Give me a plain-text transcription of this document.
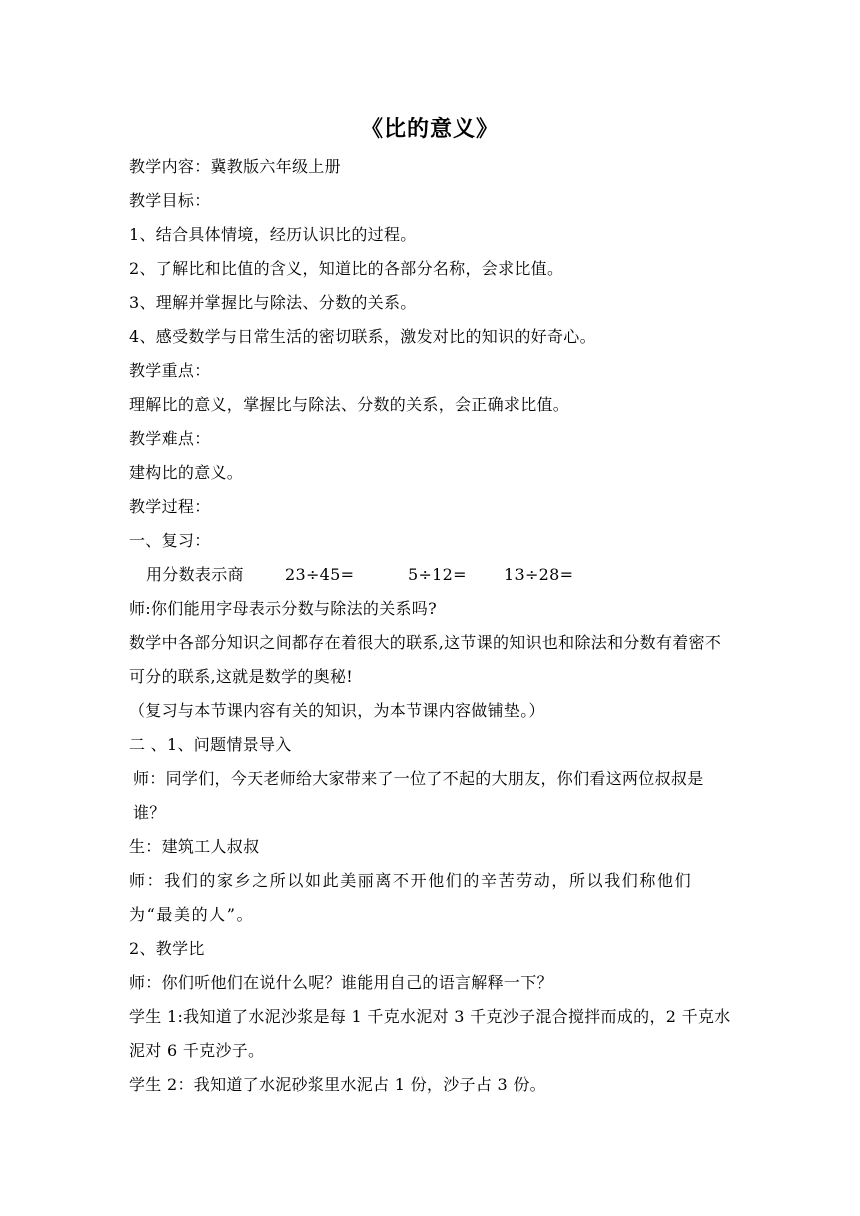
《比的意义》
教学内容：冀教版六年级上册
教学目标：
1、结合具体情境，经历认识比的过程。
2、了解比和比值的含义，知道比的各部分名称，会求比值。
3、理解并掌握比与除法、分数的关系。
4、感受数学与日常生活的密切联系，激发对比的知识的好奇心。
教学重点：
理解比的意义，掌握比与除法、分数的关系，会正确求比值。
教学难点：
建构比的意义。
教学过程：
一、复习：
用分数表示商	23÷45=	5÷12=	13÷28=
师:你们能用字母表示分数与除法的关系吗?
数学中各部分知识之间都存在着很大的联系,这节课的知识也和除法和分数有着密不可分的联系,这就是数学的奥秘!
（复习与本节课内容有关的知识，为本节课内容做铺垫。）
二 、1、问题情景导入
师：同学们，今天老师给大家带来了一位了不起的大朋友，你们看这两位叔叔是谁？
生：建筑工人叔叔
师：我们的家乡之所以如此美丽离不开他们的辛苦劳动，所以我们称他们为“最美的人”。
2、教学比
师：你们听他们在说什么呢？谁能用自己的语言解释一下？
学生 1:我知道了水泥沙浆是每 1 千克水泥对 3 千克沙子混合搅拌而成的，2 千克水泥对 6 千克沙子。
学生 2：我知道了水泥砂浆里水泥占 1 份，沙子占 3 份。
